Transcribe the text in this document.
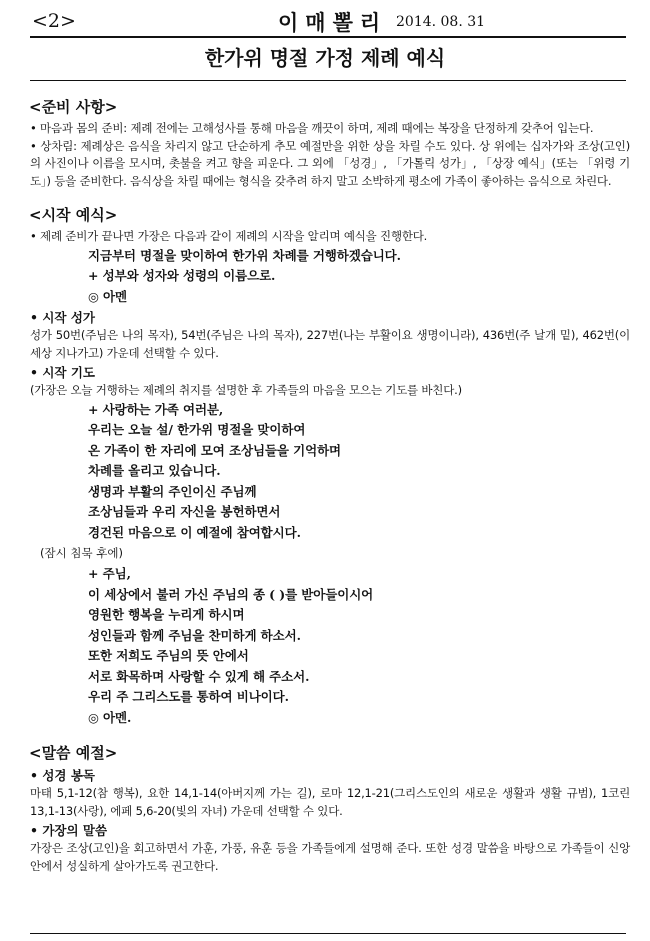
<2>	이매뽈리 2014. 08. 31
한가위 명절 가정 제례 예식
<준비 사항>

• 마음과 몸의 준비: 제례 전에는 고해성사를 통해 마음을 깨끗이 하며, 제례 때에는 복장을 단정하게 갖추어 입는다.

• 상차림: 제례상은 음식을 차리지 않고 단순하게 추모 예절만을 위한 상을 차릴 수도 있다. 상 위에는 십자가와 조상(고인)의 사진이나 이름을 모시며, 촛불을 켜고 향을 피운다. 그 외에 「성경」, 「가톨릭 성가」, 「상장 예식」(또는 「위령 기도」) 등을 준비한다. 음식상을 차릴 때에는 형식을 갖추려 하지 말고 소박하게 평소에 가족이 좋아하는 음식으로 차린다.

<시작 예식>

• 제례 준비가 끝나면 가장은 다음과 같이 제례의 시작을 알리며 예식을 진행한다.

지금부터 명절을 맞이하여 한가위 차례를 거행하겠습니다.
+ 성부와 성자와 성령의 이름으로.
◎ 아멘
• 시작 성가

성가 50번(주님은 나의 목자), 54번(주님은 나의 목자), 227번(나는 부활이요 생명이니라), 436번(주 날개 밑), 462번(이 세상 지나가고) 가운데 선택할 수 있다.

• 시작 기도

(가장은 오늘 거행하는 제례의 취지를 설명한 후 가족들의 마음을 모으는 기도를 바친다.)

+ 사랑하는 가족 여러분,
우리는 오늘 설/ 한가위 명절을 맞이하여
온 가족이 한 자리에 모여 조상님들을 기억하며
차례를 올리고 있습니다.
생명과 부활의 주인이신 주님께
조상님들과 우리 자신을 봉헌하면서
경건된 마음으로 이 예절에 참여합시다.
(잠시 침묵 후에)
+ 주님,
이 세상에서 불러 가신 주님의 종 ( )를 받아들이시어
영원한 행복을 누리게 하시며
성인들과 함께 주님을 찬미하게 하소서.
또한 저희도 주님의 뜻 안에서
서로 화목하며 사랑할 수 있게 해 주소서.
우리 주 그리스도를 통하여 비나이다.
◎ 아멘.
<말씀 예절>
• 성경 봉독

마태 5,1-12(참 행복), 요한 14,1-14(아버지께 가는 길), 로마 12,1-21(그리스도인의 새로운 생활과 생활 규범), 1코린 13,1-13(사랑), 에페 5,6-20(빛의 자녀) 가운데 선택할 수 있다.

• 가장의 말씀

가장은 조상(고인)을 회고하면서 가훈, 가풍, 유훈 등을 가족들에게 설명해 준다. 또한 성경 말씀을 바탕으로 가족들이 신앙 안에서 성실하게 살아가도록 권고한다.
